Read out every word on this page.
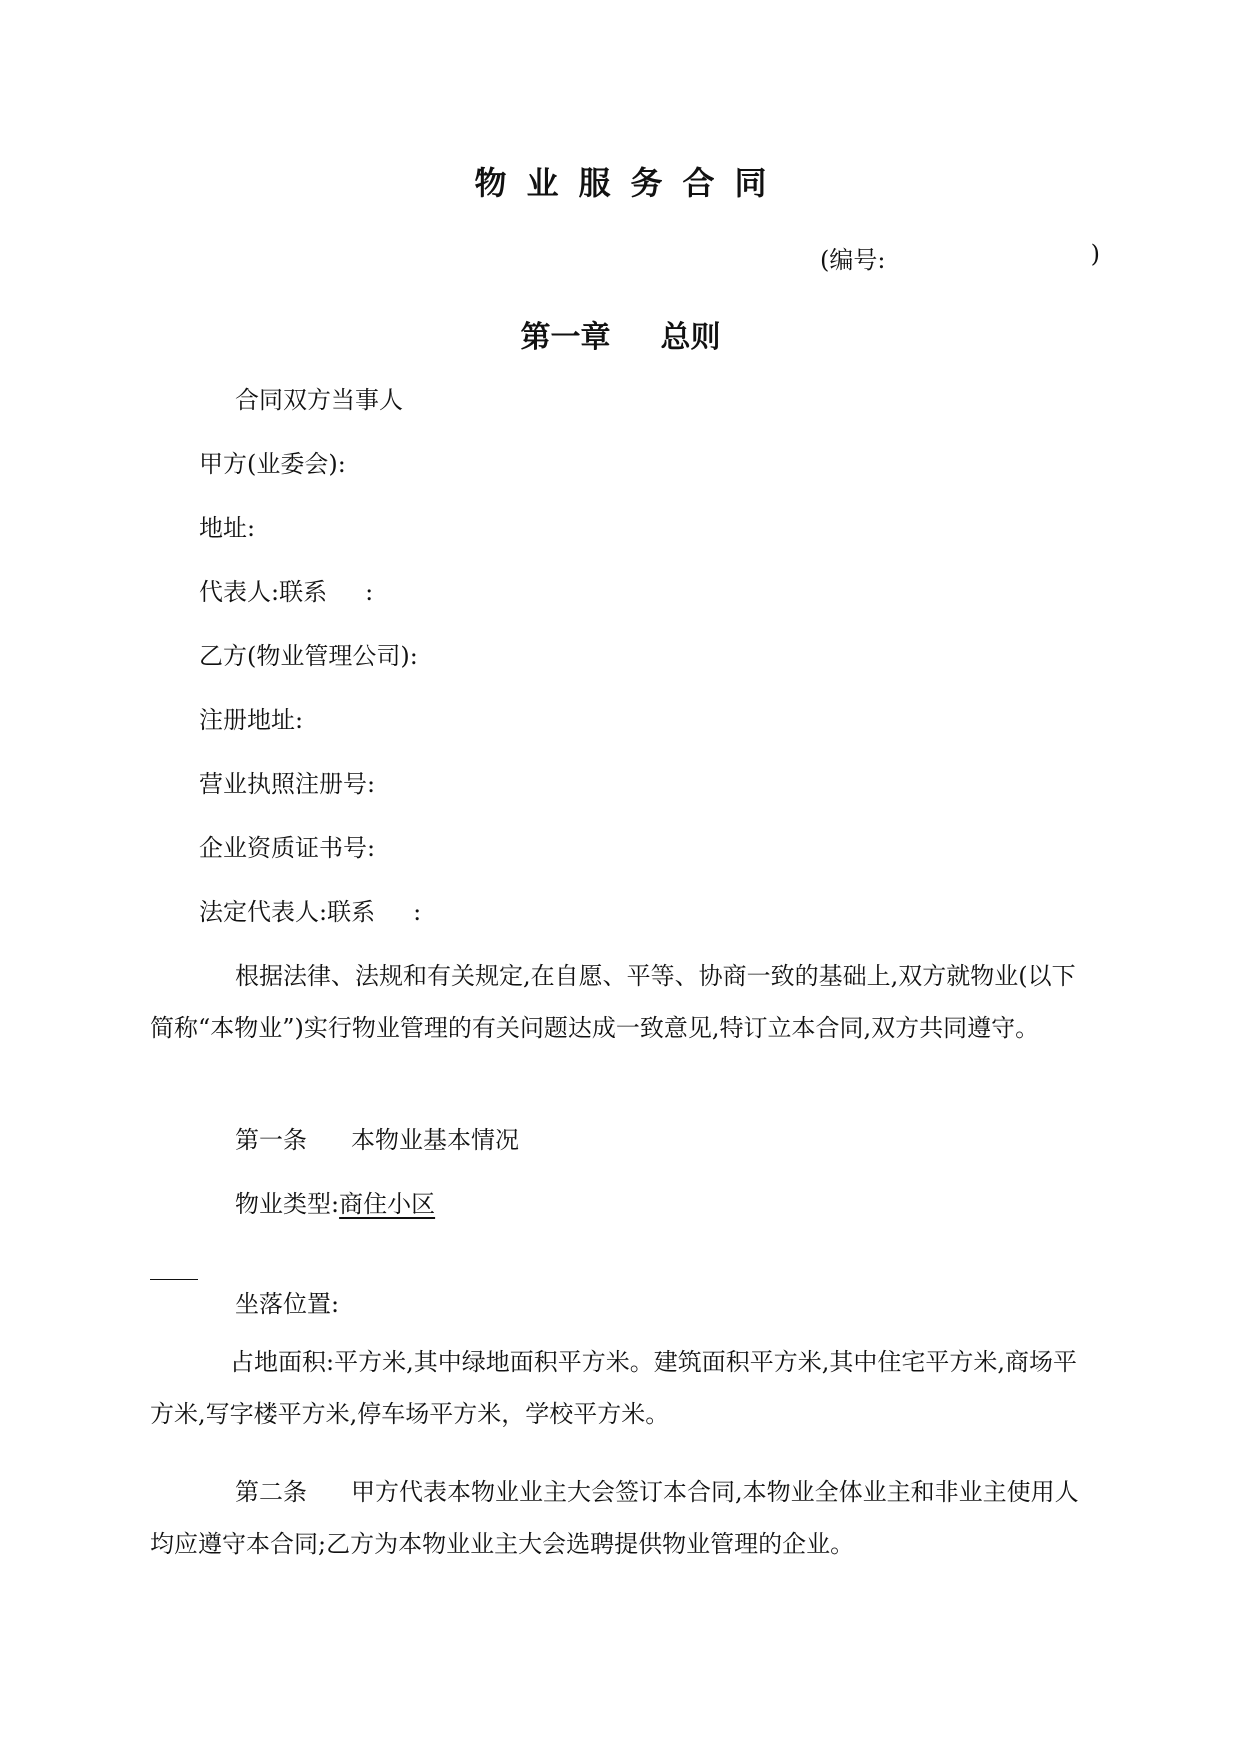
物业服务合同
(编号:	)
第一章 总则
合同双方当事人
甲方(业委会):
地址:
代表人:联系 :
乙方(物业管理公司):
注册地址:
营业执照注册号:
企业资质证书号:
法定代表人:联系 :

根据法律、法规和有关规定,在自愿、平等、协商一致的基础上,双方就物业(以下简称“本物业”)实行物业管理的有关问题达成一致意见,特订立本合同,双方共同遵守。

第一条 本物业基本情况
物业类型:商住小区
坐落位置:

占地面积:平方米,其中绿地面积平方米。建筑面积平方米,其中住宅平方米,商场平方米,写字楼平方米,停车场平方米，学校平方米。

第二条 甲方代表本物业业主大会签订本合同,本物业全体业主和非业主使用人均应遵守本合同;乙方为本物业业主大会选聘提供物业管理的企业。
